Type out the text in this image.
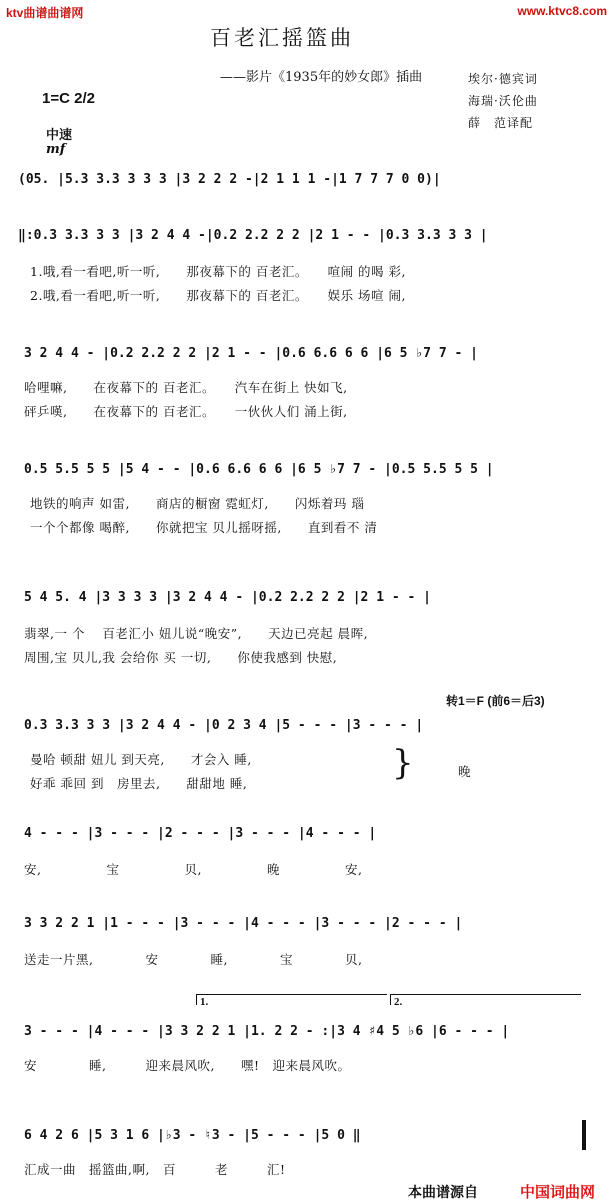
ktv曲谱曲谱网	www.ktvc8.com
百老汇摇篮曲
——影片《1935年的妙女郎》插曲	埃尔·德宾词
海瑞·沃伦曲
薛　范译配
1=C 2/2
中速
mf
(05. |5.3 3.3 3 3 3 |3 2 2 2 -|2 1 1 1 -|1 7 7 7 0 0)|
‖:0.3 3.3 3 3 |3 2 4 4 -|0.2 2.2 2 2 |2 1 - - |0.3 3.3 3 3 |
1.哦,看一看吧,听一听,　　那夜幕下的 百老汇。　　喧闹 的喝 彩,
2.哦,看一看吧,听一听,　　那夜幕下的 百老汇。　　娱乐 场喧 闹,
3 2 4 4 - |0.2 2.2 2 2 |2 1 - - |0.6 6.6 6 6 |6 5 ♭7 7 - |
哈哩嘛,　　在夜幕下的 百老汇。　　汽车在街上 快如飞,
砰乒嘆,　　在夜幕下的 百老汇。　　一伙伙人们 涌上街,
0.5 5.5 5 5 |5 4 - - |0.6 6.6 6 6 |6 5 ♭7 7 - |0.5 5.5 5 5 |
地铁的响声 如雷,　　商店的橱窗 霓虹灯,　　闪烁着玛 瑙
一个个都像 喝醉,　　你就把宝 贝儿摇呀摇,　　直到看不 清
5 4 5. 4 |3 3 3 3 |3 2 4 4 - |0.2 2.2 2 2 |2 1 - - |
翡翠,一 个　 百老汇小 妞儿说“晚安”,　　天边已亮起 晨晖,
周围,宝 贝儿,我 会给你 买 一切,　　你使我感到 快慰,
转1＝F (前6＝后3)
0.3 3.3 3 3 |3 2 4 4 - |0 2 3 4 |5 - - - |3 - - - |
曼哈 顿甜 妞儿 到天亮,　　才会入 睡,
好乖 乖回 到　房里去,　　甜甜地 睡,
}	晚
4 - - - |3 - - - |2 - - - |3 - - - |4 - - - |
安,　　　　　宝　　　　　贝,　　　　　晚　　　　　安,
3 3 2 2 1 |1 - - - |3 - - - |4 - - - |3 - - - |2 - - - |
送走一片黑,　　　　安　　　　睡,　　　　宝　　　　贝,
1.	2.
3 - - - |4 - - - |3 3 2 2 1 |1. 2 2 - :|3 4 ♯4 5 ♭6 |6 - - - |
安　　　　睡,　　　迎来晨风吹,　　嘿!　迎来晨风吹。
6 4 2 6 |5 3 1 6 |♭3 - ♮3 - |5 - - - |5 0 ‖
汇成一曲　摇篮曲,啊,　百　　　老　　　汇!
本曲谱源自	中国词曲网
